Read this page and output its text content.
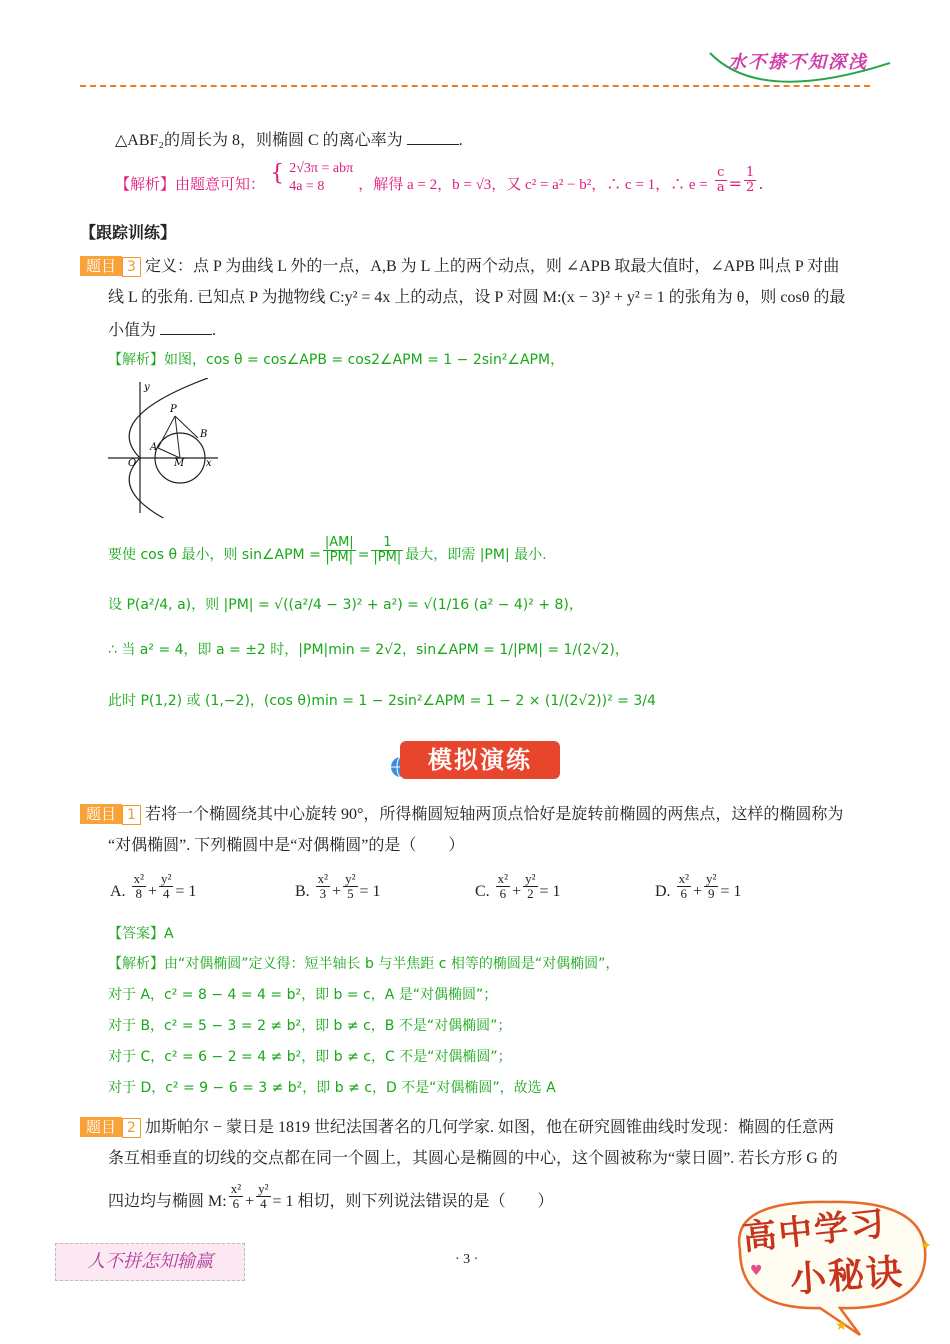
水不搽不知深浅
△ABF₂的周长为 8，则椭圆 C 的离心率为	.
【解析】由题意可知： { 2√3π = abπ
4a = 8	，解得 a = 2，b = √3，又 c² = a² − b²，∴ c = 1，∴ $e = \frac{c}{a} = \frac{1}{2}$ .
【跟踪训练】
题目 3 定义：点 P 为曲线 L 外的一点，A,B 为 L 上的两个动点，则 ∠APB 取最大值时，∠APB 叫点 P 对曲
线 L 的张角. 已知点 P 为抛物线 C:y² = 4x 上的动点，设 P 对圆 M:(x − 3)² + y² = 1 的张角为 θ，则 cosθ 的最
小值为	.
【解析】如图，cos θ = cos∠APB = cos2∠APM = 1 − 2sin²∠APM，
y
x
O
P
A
B
M
要使 cos θ 最小，则 sin∠APM = $\frac{|AM|}{|PM|} = \frac{1}{|PM|}$ 最大，即需 |PM| 最小.
设 P(a²/4, a)，则 |PM| = √((a²/4 − 3)² + a²) = √(1/16 (a² − 4)² + 8)，
∴ 当 a² = 4，即 a = ±2 时，|PM|min = 2√2，sin∠APM = 1/|PM| = 1/(2√2)，
此时 P(1,2) 或 (1,−2)，(cos θ)min = 1 − 2sin²∠APM = 1 − 2 × (1/(2√2))² = 3/4
模拟演练
题目 1 若将一个椭圆绕其中心旋转 90°，所得椭圆短轴两顶点恰好是旋转前椭圆的两焦点，这样的椭圆称为
“对偶椭圆”. 下列椭圆中是“对偶椭圆”的是（　　）
A. $\frac{\text{x²}}{8} + \frac{\text{y²}}{4} = 1$	B. $\frac{\text{x²}}{3} + \frac{\text{y²}}{5} = 1$	C. $\frac{\text{x²}}{6} + \frac{\text{y²}}{2} = 1$	D. $\frac{\text{x²}}{6} + \frac{\text{y²}}{9} = 1$
【答案】A
【解析】由“对偶椭圆”定义得：短半轴长 b 与半焦距 c 相等的椭圆是“对偶椭圆”，
对于 A，c² = 8 − 4 = 4 = b²，即 b = c，A 是“对偶椭圆”；
对于 B，c² = 5 − 3 = 2 ≠ b²，即 b ≠ c，B 不是“对偶椭圆”；
对于 C，c² = 6 − 2 = 4 ≠ b²，即 b ≠ c，C 不是“对偶椭圆”；
对于 D，c² = 9 − 6 = 3 ≠ b²，即 b ≠ c，D 不是“对偶椭圆”，故选 A
题目 2 加斯帕尔 − 蒙日是 1819 世纪法国著名的几何学家. 如图，他在研究圆锥曲线时发现：椭圆的任意两
条互相垂直的切线的交点都在同一个圆上，其圆心是椭圆的中心，这个圆被称为“蒙日圆”. 若长方形 G 的
四边均与椭圆 M: $\frac{\text{x²}}{6} + \frac{\text{y²}}{4} = 1$ 相切，则下列说法错误的是（　　）
人不拼怎知输赢	· 3 ·
★
✦
♥
高中学习
小秘诀
